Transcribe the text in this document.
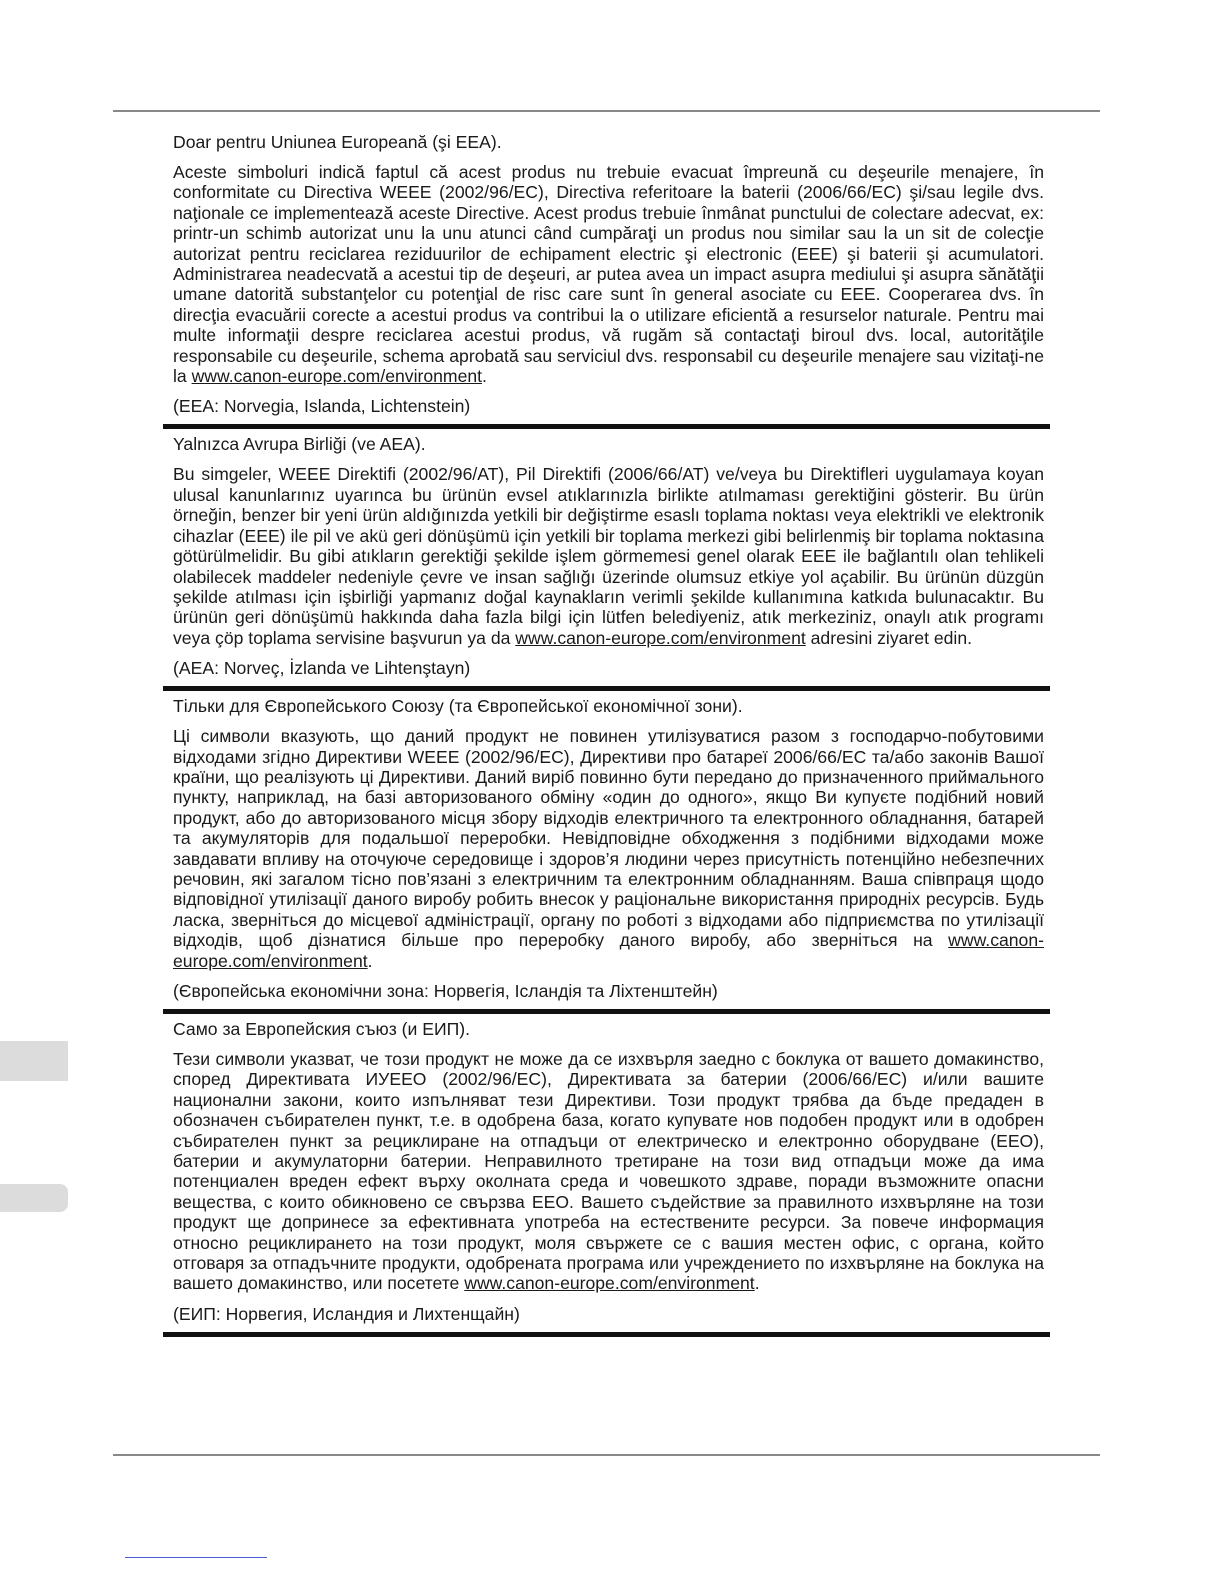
Doar pentru Uniunea Europeană (şi EEA).
Aceste simboluri indică faptul că acest produs nu trebuie evacuat împreună cu deşeurile menajere, în conformitate cu Directiva WEEE (2002/96/EC), Directiva referitoare la baterii (2006/66/EC) şi/sau legile dvs. naţionale ce implementează aceste Directive. Acest produs trebuie înmânat punctului de colectare adecvat, ex: printr-un schimb autorizat unu la unu atunci când cumpăraţi un produs nou similar sau la un sit de colecţie autorizat pentru reciclarea reziduurilor de echipament electric şi electronic (EEE) şi baterii şi acumulatori. Administrarea neadecvată a acestui tip de deşeuri, ar putea avea un impact asupra mediului şi asupra sănătăţii umane datorită substanţelor cu potenţial de risc care sunt în general asociate cu EEE. Cooperarea dvs. în direcţia evacuării corecte a acestui produs va contribui la o utilizare eficientă a resurselor naturale. Pentru mai multe informaţii despre reciclarea acestui produs, vă rugăm să contactaţi biroul dvs. local, autorităţile responsabile cu deşeurile, schema aprobată sau serviciul dvs. responsabil cu deşeurile menajere sau vizitaţi-ne la www.canon-europe.com/environment.
(EEA: Norvegia, Islanda, Lichtenstein)
Yalnızca Avrupa Birliği (ve AEA).
Bu simgeler, WEEE Direktifi (2002/96/AT), Pil Direktifi (2006/66/AT) ve/veya bu Direktifleri uygulamaya koyan ulusal kanunlarınız uyarınca bu ürünün evsel atıklarınızla birlikte atılmaması gerektiğini gösterir. Bu ürün örneğin, benzer bir yeni ürün aldığınızda yetkili bir değiştirme esaslı toplama noktası veya elektrikli ve elektronik cihazlar (EEE) ile pil ve akü geri dönüşümü için yetkili bir toplama merkezi gibi belirlenmiş bir toplama noktasına götürülmelidir. Bu gibi atıkların gerektiği şekilde işlem görmemesi genel olarak EEE ile bağlantılı olan tehlikeli olabilecek maddeler nedeniyle çevre ve insan sağlığı üzerinde olumsuz etkiye yol açabilir. Bu ürünün düzgün şekilde atılması için işbirliği yapmanız doğal kaynakların verimli şekilde kullanımına katkıda bulunacaktır. Bu ürünün geri dönüşümü hakkında daha fazla bilgi için lütfen belediyeniz, atık merkeziniz, onaylı atık programı veya çöp toplama servisine başvurun ya da www.canon-europe.com/environment adresini ziyaret edin.
(AEA: Norveç, İzlanda ve Lihtenştayn)
Тільки для Європейського Союзу (та Європейської економічної зони).
Ці символи вказують, що даний продукт не повинен утилізуватися разом з господарчо-побутовими відходами згідно Директиви WEEE (2002/96/EC), Директиви про батареї 2006/66/EC та/або законів Вашої країни, що реалізують ці Директиви. Даний виріб повинно бути передано до призначенного приймального пункту, наприклад, на базі авторизованого обміну «один до одного», якщо Ви купуєте подібний новий продукт, або до авторизованого місця збору відходів електричного та електронного обладнання, батарей та акумуляторів для подальшої переробки. Невідповідне обходження з подібними відходами може завдавати впливу на оточуюче середовище і здоров’я людини через присутність потенційно небезпечних речовин, які загалом тісно пов’язані з електричним та електронним обладнанням. Ваша співпраця щодо відповідної утилізації даного виробу робить внесок у раціональне використання природніх ресурсів. Будь ласка, зверніться до місцевої адміністрації, органу по роботі з відходами або підприємства по утилізації відходів, щоб дізнатися більше про переробку даного виробу, або зверніться на www.canon-europe.com/environment.
(Європейська економічни зона: Норвегія, Ісландія та Ліхтенштейн)
Само за Европейския съюз (и ЕИП).
Тези символи указват, че този продукт не може да се изхвърля заедно с боклука от вашето домакинство, според Директивата ИУЕЕО (2002/96/EC), Директивата за батерии (2006/66/EC) и/или вашите национални закони, които изпълняват тези Директиви. Този продукт трябва да бъде предаден в обозначен събирателен пункт, т.е. в одобрена база, когато купувате нов подобен продукт или в одобрен събирателен пункт за рециклиране на отпадъци от електрическо и електронно оборудване (ЕЕО), батерии и акумулаторни батерии. Неправилното третиране на този вид отпадъци може да има потенциален вреден ефект върху околната среда и човешкото здраве, поради възможните опасни вещества, с които обикновено се свързва ЕЕО. Вашето съдействие за правилното изхвърляне на този продукт ще допринесе за ефективната употреба на естествените ресурси. За повече информация относно рециклирането на този продукт, моля свържете се с вашия местен офис, с органа, който отговаря за отпадъчните продукти, одобрената програма или учреждението по изхвърляне на боклука на вашето домакинство, или посетете www.canon-europe.com/environment.
(ЕИП: Норвегия, Исландия и Лихтенщайн)
